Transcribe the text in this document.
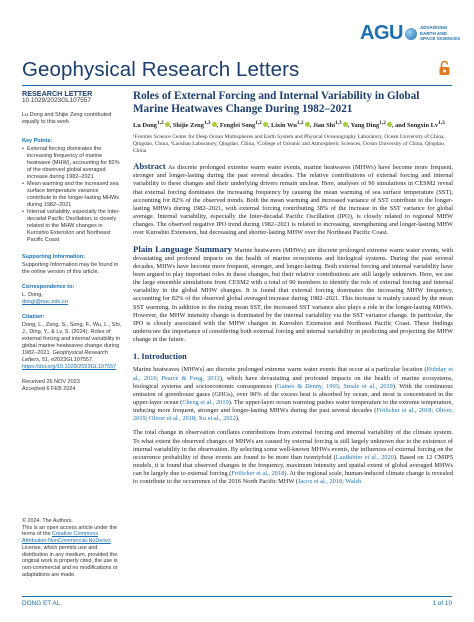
AGU	ADVANCING
EARTH AND
SPACE SCIENCES
Geophysical Research Letters
RESEARCH LETTER
10.1029/2023GL107557
Lu Dong and Shijie Zeng contributed equally to this work.
Key Points:
• External forcing dominates the increasing frequency of marine heatwave (MHW), accounting for 82% of the observed global averaged increase during 1982–2021
• Mean warming and the increased sea surface temperature variance contribute to the longer-lasting MHWs during 1982–2021
• Internal variability, especially the Inter-decadal Pacific Oscillation, is closely related to the MHW changes in Kuroshio Extension and Northeast Pacific Coast
Supporting Information:
Supporting Information may be found in the online version of this article.
Correspondence to:
L. Dong,
dongl@ouc.edu.cn
Citation:
Dong, L., Zeng, S., Song, F., Wu, L., Shi, J., Ding, Y., & Lv, S. (2024). Roles of external forcing and internal variability in global marine heatwaves change during 1982–2021. Geophysical Research Letters, 51, e2023GL107557. https://doi.org/10.1029/2023GL107557
Received 26 NOV 2023
Accepted 6 FEB 2024
© 2024. The Authors.
This is an open access article under the terms of the Creative Commons Attribution-NonCommercial-NoDerivs License, which permits use and distribution in any medium, provided the original work is properly cited, the use is non-commercial and no modifications or adaptations are made.
Roles of External Forcing and Internal Variability in Global Marine Heatwaves Change During 1982–2021
Lu Dong$^{1,2}$ , Shijie Zeng$^{1,3}$ , Fengfei Song$^{1,2}$ , Lixin Wu$^{1,2}$ , Jian Shi$^{1,3}$ , Yang Ding$^{1,2}$ , and Songxin Lv$^{1,3}$
¹Frontier Science Center for Deep Ocean Multispheres and Earth System and Physical Oceanography Laboratory, Ocean University of China, Qingdao, China, ²Laoshan Laboratory, Qingdao, China, ³College of Oceanic and Atmospheric Sciences, Ocean University of China, Qingdao, China
Abstract As discrete prolonged extreme warm water events, marine heatwaves (MHWs) have become more frequent, stronger and longer-lasting during the past several decades. The relative contributions of external forcing and internal variability to these changes and their underlying drivers remain unclear. Here, analyses of 90 simulations in CESM2 reveal that external forcing dominates the increasing frequency by causing the mean warming of sea surface temperature (SST), accounting for 82% of the observed trends. Both the mean warming and increased variance of SST contribute to the longer-lasting MHWs during 1982–2021, with external forcing contributing 38% of the increase in the SST variance for global average. Internal variability, especially the Inter-decadal Pacific Oscillation (IPO), is closely related to regional MHW changes. The observed negative IPO trend during 1982–2021 is related to increasing, strengthening and longer-lasting MHW over Kuroshio Extension, but decreasing and shorter-lasting MHW over the Northeast Pacific Coast.
Plain Language Summary Marine heatwaves (MHWs) are discrete prolonged extreme warm water events, with devastating and profound impacts on the health of marine ecosystems and biological systems. During the past several decades, MHWs have become more frequent, stronger, and longer-lasting. Both external forcing and internal variability have been argued to play important roles in these changes, but their relative contributions are still largely unknown. Here, we use the large ensemble simulations from CESM2 with a total of 90 members to identify the role of external forcing and internal variability in the global MHW changes. It is found that external forcing dominates the increasing MHW frequency, accounting for 82% of the observed global averaged increase during 1982–2021. This increase is mainly caused by the mean SST warming. In addition to the rising mean SST, the increased SST variance also plays a role in the longer-lasting MHWs. However, the MHW intensity change is dominated by the internal variability via the SST variance change. In particular, the IPO is closely associated with the MHW changes in Kuroshio Extension and Northeast Pacific Coast. These findings underscore the importance of considering both external forcing and internal variability in predicting and projecting the MHW change in the future.
1. Introduction
Marine heatwaves (MHWs) are discrete prolonged extreme warm water events that occur at a particular location (Hobday et al., 2016; Pearce & Feng, 2013), which have devastating and profound impacts on the health of marine ecosystems, biological systems and socioeconomic consequences (Gaines & Denny, 1993; Smale et al., 2019). With the continuous emission of greenhouse gases (GHGs), over 90% of the excess heat is absorbed by ocean, and most is concentrated in the upper-layer ocean (Cheng et al., 2019). The upper-layer ocean warming pushes water temperature to the extreme temperature, inducing more frequent, stronger and longer-lasting MHWs during the past several decades (Frölicher et al., 2018; Oliver, 2019; Oliver et al., 2018; Xu et al., 2022).
The total change in observation conflates contributions from external forcing and internal variability of the climate system. To what extent the observed changes of MHWs are caused by external forcing is still largely unknown due to the existence of internal variability in the observation. By selecting some well-known MHWs events, the influences of external forcing on the occurrence probability of these events are found to be more than twentyfold (Laufkötter et al., 2020). Based on 12 CMIP5 models, it is found that observed changes in the frequency, maximum intensity and spatial extent of global averaged MHWs can be largely due to external forcing (Frölicher et al., 2018). At the regional scale, human-induced climate change is revealed to contribute to the occurrence of the 2016 North Pacific MHW (Jacox et al., 2018; Walsh
DONG ET AL.	1 of 10
